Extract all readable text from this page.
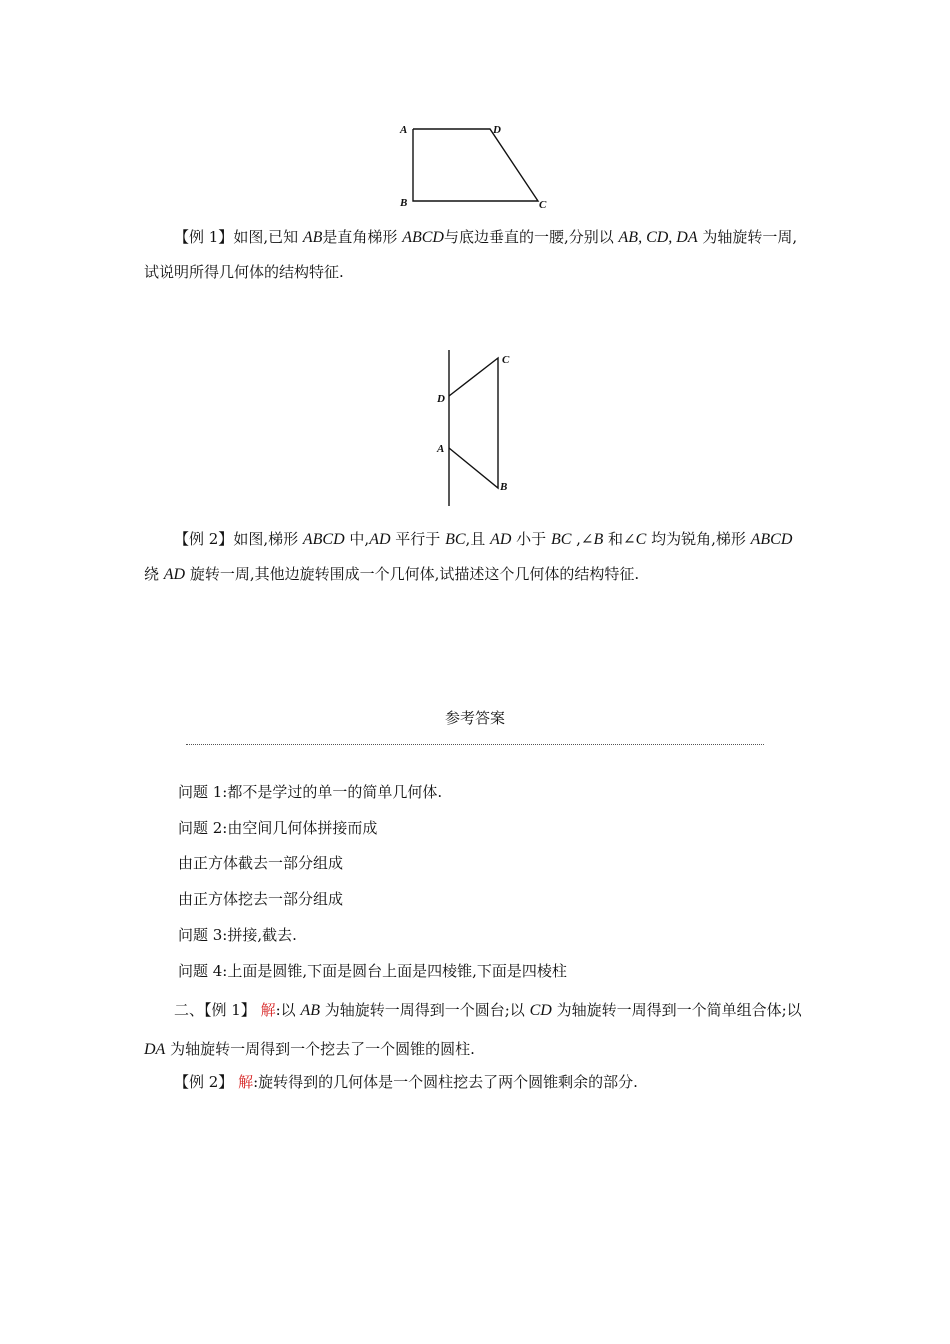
A	D
B	C
【例 1】如图,已知 AB是直角梯形 ABCD与底边垂直的一腰,分别以 AB, CD, DA 为轴旋转一周,试说明所得几何体的结构特征.
C
D
A
B
【例 2】如图,梯形 ABCD 中,AD 平行于 BC,且 AD 小于 BC ,∠B 和∠C 均为锐角,梯形 ABCD 绕 AD 旋转一周,其他边旋转围成一个几何体,试描述这个几何体的结构特征.
参考答案
问题 1:都不是学过的单一的简单几何体.
问题 2:由空间几何体拼接而成
由正方体截去一部分组成
由正方体挖去一部分组成
问题 3:拼接,截去.
问题 4:上面是圆锥,下面是圆台上面是四棱锥,下面是四棱柱
二、【例 1】 解:以 AB 为轴旋转一周得到一个圆台;以 CD 为轴旋转一周得到一个简单组合体;以 DA 为轴旋转一周得到一个挖去了一个圆锥的圆柱.
【例 2】 解:旋转得到的几何体是一个圆柱挖去了两个圆锥剩余的部分.
